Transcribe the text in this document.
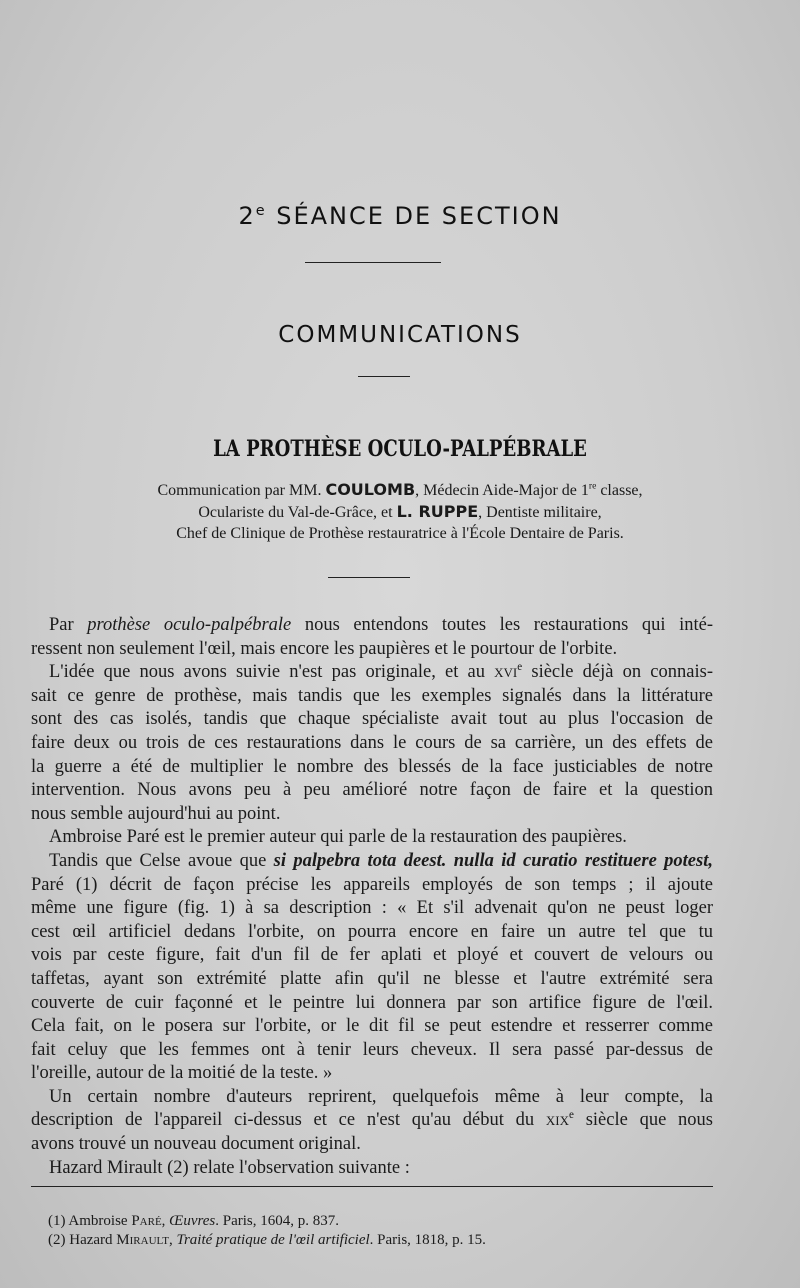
2e SÉANCE DE SECTION
COMMUNICATIONS
LA PROTHÈSE OCULO-PALPÉBRALE
Communication par MM. COULOMB, Médecin Aide-Major de 1re classe,
Oculariste du Val-de-Grâce, et L. RUPPE, Dentiste militaire,
Chef de Clinique de Prothèse restauratrice à l'École Dentaire de Paris.
Par prothèse oculo-palpébrale nous entendons toutes les restaurations qui inté-
ressent non seulement l'œil, mais encore les paupières et le pourtour de l'orbite.
L'idée que nous avons suivie n'est pas originale, et au xvi$^e$ siècle déjà on connais-
sait ce genre de prothèse, mais tandis que les exemples signalés dans la littérature
sont des cas isolés, tandis que chaque spécialiste avait tout au plus l'occasion de
faire deux ou trois de ces restaurations dans le cours de sa carrière, un des effets de
la guerre a été de multiplier le nombre des blessés de la face justiciables de notre
intervention. Nous avons peu à peu amélioré notre façon de faire et la question
nous semble aujourd'hui au point.
Ambroise Paré est le premier auteur qui parle de la restauration des paupières.
Tandis que Celse avoue que si palpebra tota deest. nulla id curatio restituere potest,
Paré (1) décrit de façon précise les appareils employés de son temps ; il ajoute
même une figure (fig. 1) à sa description : « Et s'il advenait qu'on ne peust loger
cest œil artificiel dedans l'orbite, on pourra encore en faire un autre tel que tu
vois par ceste figure, fait d'un fil de fer aplati et ployé et couvert de velours ou
taffetas, ayant son extrémité platte afin qu'il ne blesse et l'autre extrémité sera
couverte de cuir façonné et le peintre lui donnera par son artifice figure de l'œil.
Cela fait, on le posera sur l'orbite, or le dit fil se peut estendre et resserrer comme
fait celuy que les femmes ont à tenir leurs cheveux. Il sera passé par-dessus de
l'oreille, autour de la moitié de la teste. »
Un certain nombre d'auteurs reprirent, quelquefois même à leur compte, la
description de l'appareil ci-dessus et ce n'est qu'au début du xix$^e$ siècle que nous
avons trouvé un nouveau document original.
Hazard Mirault (2) relate l'observation suivante :
(1) Ambroise Paré, Œuvres. Paris, 1604, p. 837.
(2) Hazard Mirault, Traité pratique de l'œil artificiel. Paris, 1818, p. 15.
